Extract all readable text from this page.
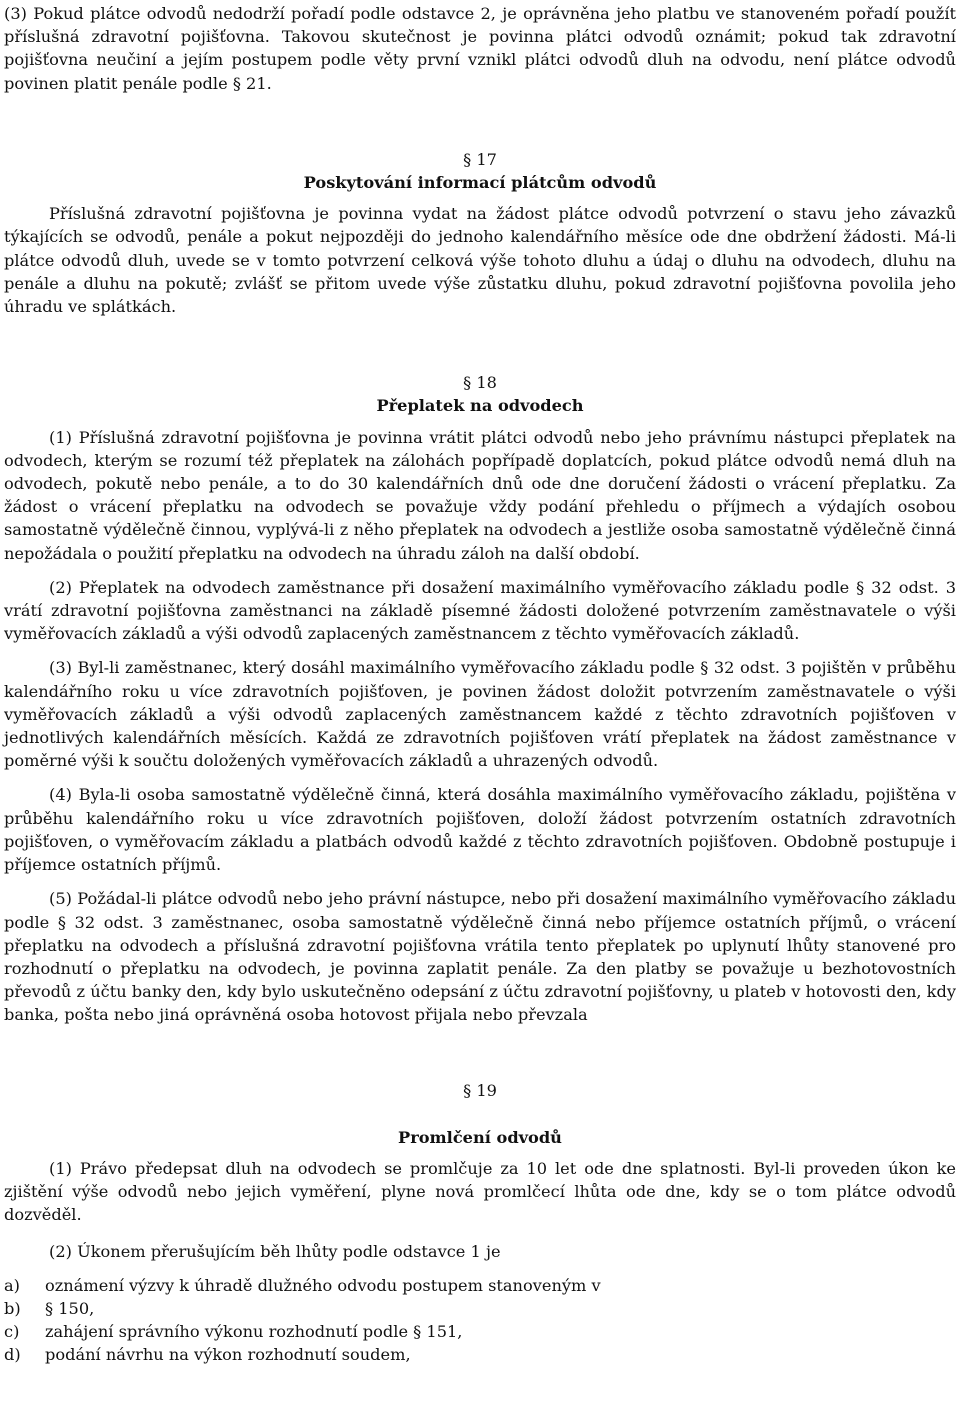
(3) Pokud plátce odvodů nedodrží pořadí podle odstavce 2, je oprávněna jeho platbu ve stanoveném pořadí použít příslušná zdravotní pojišťovna. Takovou skutečnost je povinna plátci odvodů oznámit; pokud tak zdravotní pojišťovna neučiní a jejím postupem podle věty první vznikl plátci odvodů dluh na odvodu, není plátce odvodů povinen platit penále podle § 21.

§ 17
Poskytování informací plátcům odvodů

Příslušná zdravotní pojišťovna je povinna vydat na žádost plátce odvodů potvrzení o stavu jeho závazků týkajících se odvodů, penále a pokut nejpozději do jednoho kalendářního měsíce ode dne obdržení žádosti. Má-li plátce odvodů dluh, uvede se v tomto potvrzení celková výše tohoto dluhu a údaj o dluhu na odvodech, dluhu na penále a dluhu na pokutě; zvlášť se přitom uvede výše zůstatku dluhu, pokud zdravotní pojišťovna povolila jeho úhradu ve splátkách.

§ 18
Přeplatek na odvodech

(1) Příslušná zdravotní pojišťovna je povinna vrátit plátci odvodů nebo jeho právnímu nástupci přeplatek na odvodech, kterým se rozumí též přeplatek na zálohách popřípadě doplatcích, pokud plátce odvodů nemá dluh na odvodech, pokutě nebo penále, a to do 30 kalendářních dnů ode dne doručení žádosti o vrácení přeplatku. Za žádost o vrácení přeplatku na odvodech se považuje vždy podání přehledu o příjmech a výdajích osobou samostatně výdělečně činnou, vyplývá-li z něho přeplatek na odvodech a jestliže osoba samostatně výdělečně činná nepožádala o použití přeplatku na odvodech na úhradu záloh na další období.

(2) Přeplatek na odvodech zaměstnance při dosažení maximálního vyměřovacího základu podle § 32 odst. 3 vrátí zdravotní pojišťovna zaměstnanci na základě písemné žádosti doložené potvrzením zaměstnavatele o výši vyměřovacích základů a výši odvodů zaplacených zaměstnancem z těchto vyměřovacích základů.

(3) Byl-li zaměstnanec, který dosáhl maximálního vyměřovacího základu podle § 32 odst. 3 pojištěn v průběhu kalendářního roku u více zdravotních pojišťoven, je povinen žádost doložit potvrzením zaměstnavatele o výši vyměřovacích základů a výši odvodů zaplacených zaměstnancem každé z těchto zdravotních pojišťoven v jednotlivých kalendářních měsících. Každá ze zdravotních pojišťoven vrátí přeplatek na žádost zaměstnance v poměrné výši k součtu doložených vyměřovacích základů a uhrazených odvodů.

(4) Byla-li osoba samostatně výdělečně činná, která dosáhla maximálního vyměřovacího základu, pojištěna v průběhu kalendářního roku u více zdravotních pojišťoven, doloží žádost potvrzením ostatních zdravotních pojišťoven, o vyměřovacím základu a platbách odvodů každé z těchto zdravotních pojišťoven. Obdobně postupuje i příjemce ostatních příjmů.

(5) Požádal-li plátce odvodů nebo jeho právní nástupce, nebo při dosažení maximálního vyměřovacího základu podle § 32 odst. 3 zaměstnanec, osoba samostatně výdělečně činná nebo příjemce ostatních příjmů, o vrácení přeplatku na odvodech a příslušná zdravotní pojišťovna vrátila tento přeplatek po uplynutí lhůty stanovené pro rozhodnutí o přeplatku na odvodech, je povinna zaplatit penále. Za den platby se považuje u bezhotovostních převodů z účtu banky den, kdy bylo uskutečněno odepsání z účtu zdravotní pojišťovny, u plateb v hotovosti den, kdy banka, pošta nebo jiná oprávněná osoba hotovost přijala nebo převzala

§ 19
Promlčení odvodů

(1) Právo předepsat dluh na odvodech se promlčuje za 10 let ode dne splatnosti. Byl-li proveden úkon ke zjištění výše odvodů nebo jejich vyměření, plyne nová promlčecí lhůta ode dne, kdy se o tom plátce odvodů dozvěděl.

(2) Úkonem přerušujícím běh lhůty podle odstavce 1 je

a)	oznámení výzvy k úhradě dlužného odvodu postupem stanoveným v
b)	§ 150,
c)	zahájení správního výkonu rozhodnutí podle § 151,
d)	podání návrhu na výkon rozhodnutí soudem,
